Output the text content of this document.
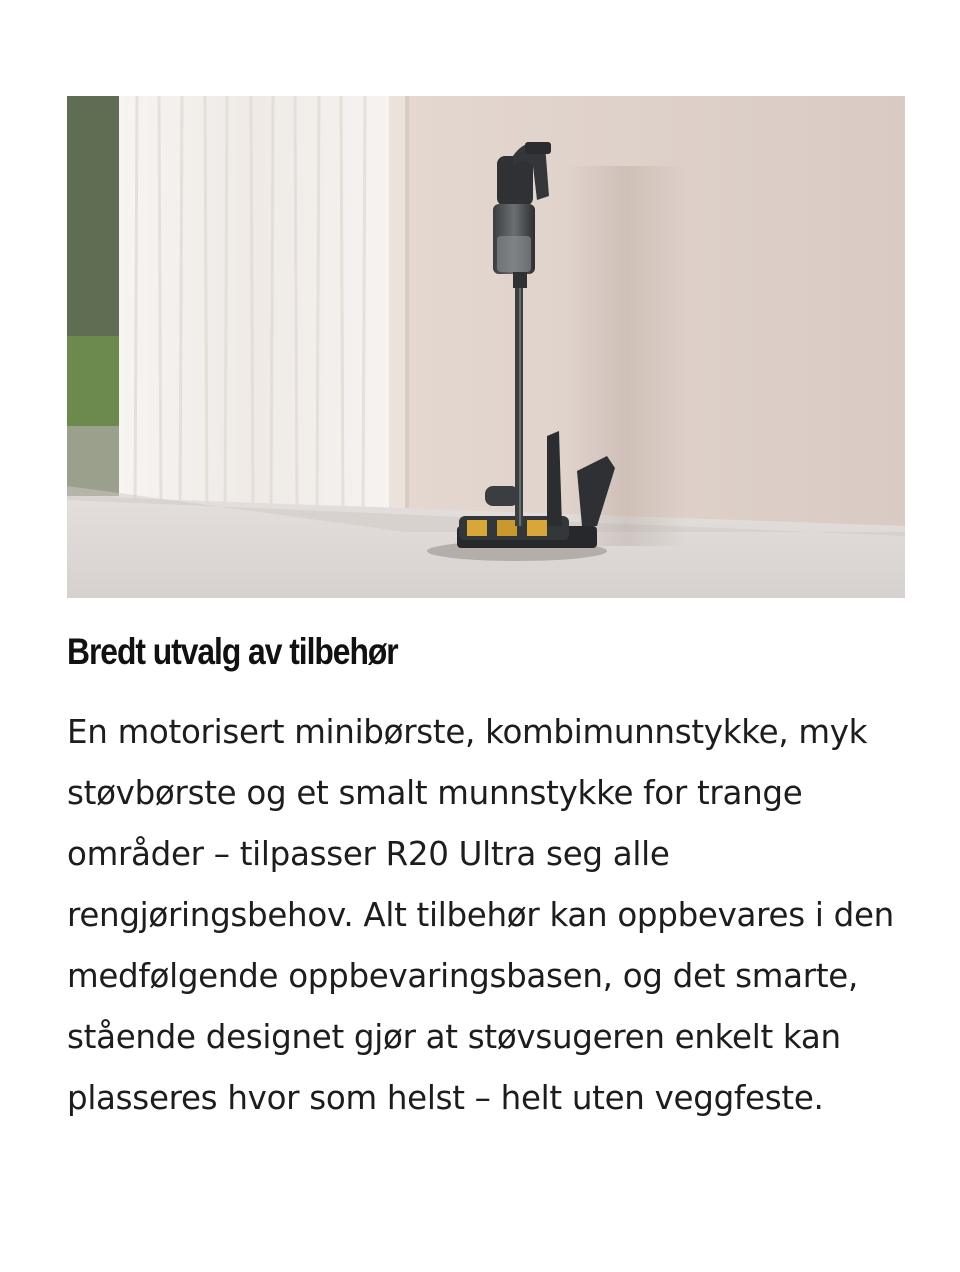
Bredt utvalg av tilbehør

En motorisert minibørste, kombimunnstykke, myk støvbørste og et smalt munnstykke for trange områder – tilpasser R20 Ultra seg alle rengjøringsbehov. Alt tilbehør kan oppbevares i den medfølgende oppbevaringsbasen, og det smarte, stående designet gjør at støvsugeren enkelt kan plasseres hvor som helst – helt uten veggfeste.
